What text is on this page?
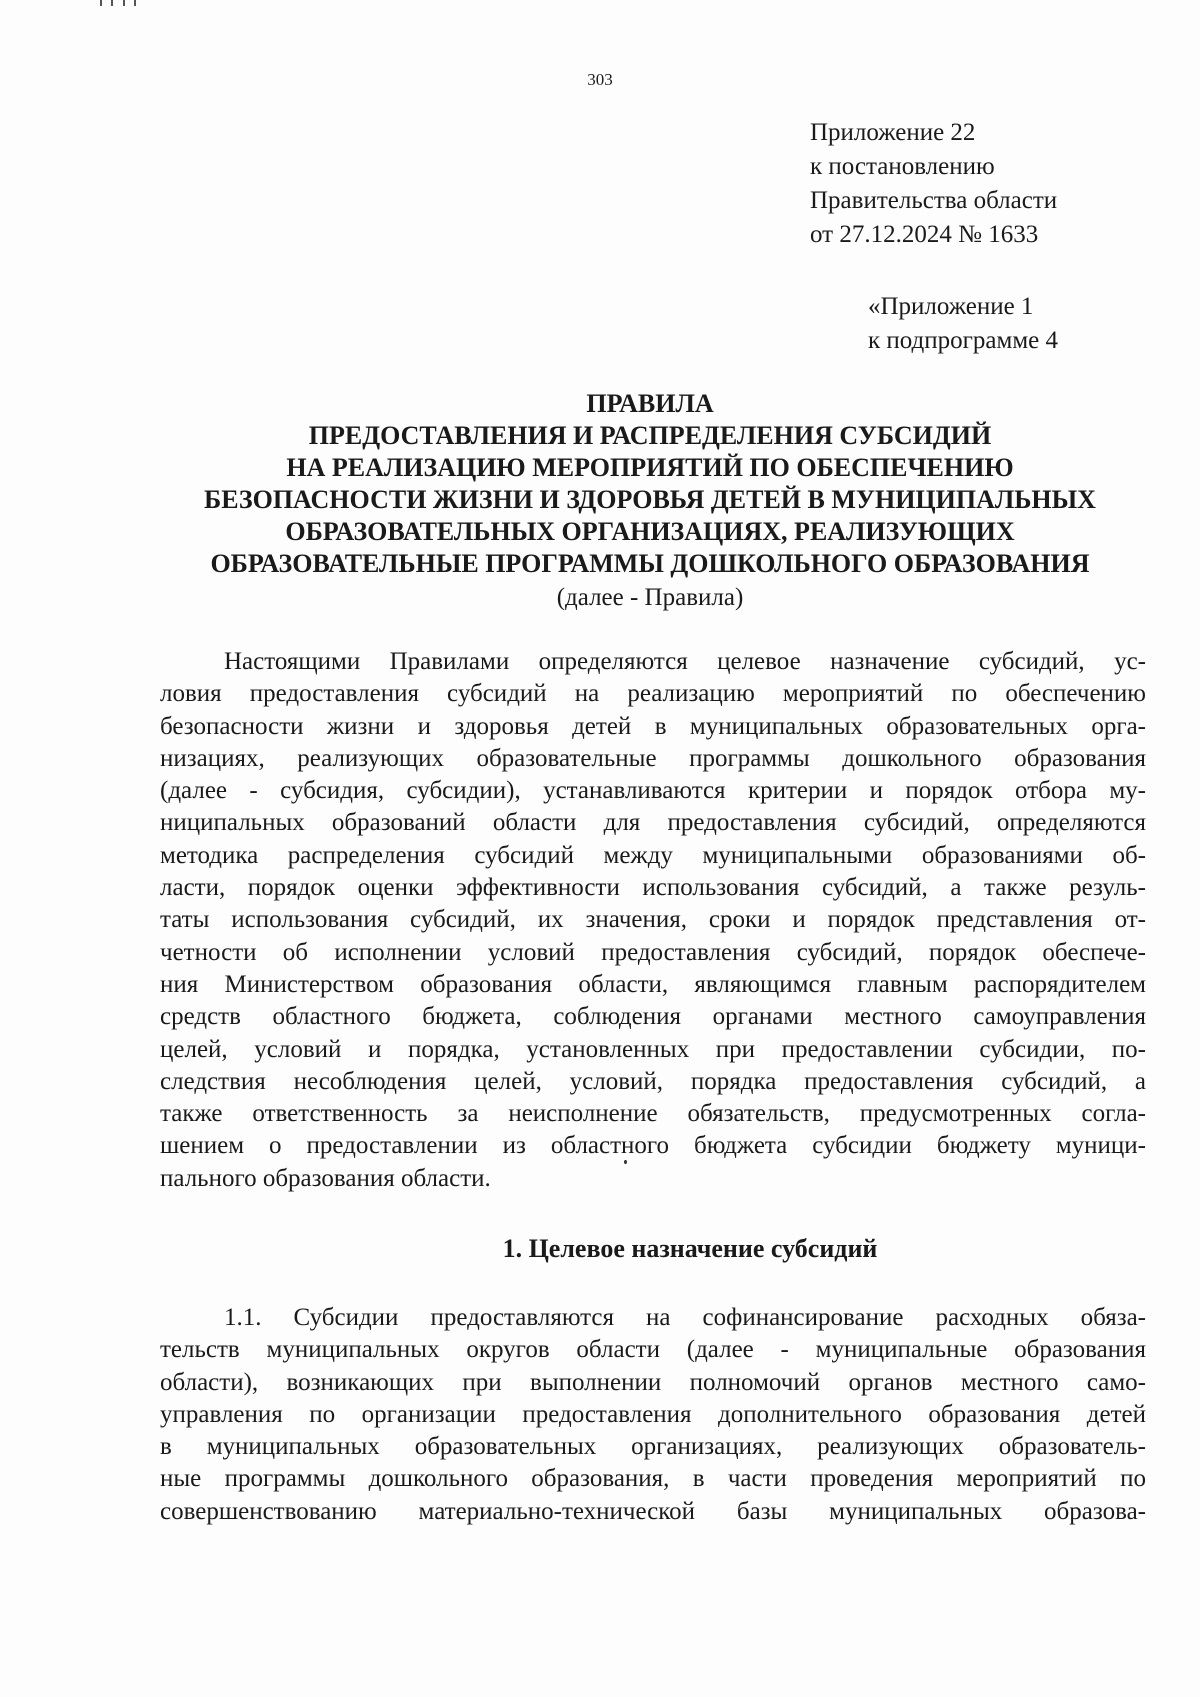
303
Приложение 22
к постановлению
Правительства области
от 27.12.2024 № 1633
«Приложение 1
к подпрограмме 4
ПРАВИЛА
ПРЕДОСТАВЛЕНИЯ И РАСПРЕДЕЛЕНИЯ СУБСИДИЙ
НА РЕАЛИЗАЦИЮ МЕРОПРИЯТИЙ ПО ОБЕСПЕЧЕНИЮ
БЕЗОПАСНОСТИ ЖИЗНИ И ЗДОРОВЬЯ ДЕТЕЙ В МУНИЦИПАЛЬНЫХ
ОБРАЗОВАТЕЛЬНЫХ ОРГАНИЗАЦИЯХ, РЕАЛИЗУЮЩИХ
ОБРАЗОВАТЕЛЬНЫЕ ПРОГРАММЫ ДОШКОЛЬНОГО ОБРАЗОВАНИЯ
(далее - Правила)
Настоящими Правилами определяются целевое назначение субсидий, ус-
ловия предоставления субсидий на реализацию мероприятий по обеспечению
безопасности жизни и здоровья детей в муниципальных образовательных орга-
низациях, реализующих образовательные программы дошкольного образования
(далее - субсидия, субсидии), устанавливаются критерии и порядок отбора му-
ниципальных образований области для предоставления субсидий, определяются
методика распределения субсидий между муниципальными образованиями об-
ласти, порядок оценки эффективности использования субсидий, а также резуль-
таты использования субсидий, их значения, сроки и порядок представления от-
четности об исполнении условий предоставления субсидий, порядок обеспече-
ния Министерством образования области, являющимся главным распорядителем
средств областного бюджета, соблюдения органами местного самоуправления
целей, условий и порядка, установленных при предоставлении субсидии, по-
следствия несоблюдения целей, условий, порядка предоставления субсидий, а
также ответственность за неисполнение обязательств, предусмотренных согла-
шением о предоставлении из областного бюджета субсидии бюджету муници-
пального образования области.
1. Целевое назначение субсидий
1.1. Субсидии предоставляются на софинансирование расходных обяза-
тельств муниципальных округов области (далее - муниципальные образования
области), возникающих при выполнении полномочий органов местного само-
управления по организации предоставления дополнительного образования детей
в муниципальных образовательных организациях, реализующих образователь-
ные программы дошкольного образования, в части проведения мероприятий по
совершенствованию материально-технической базы муниципальных образова-
